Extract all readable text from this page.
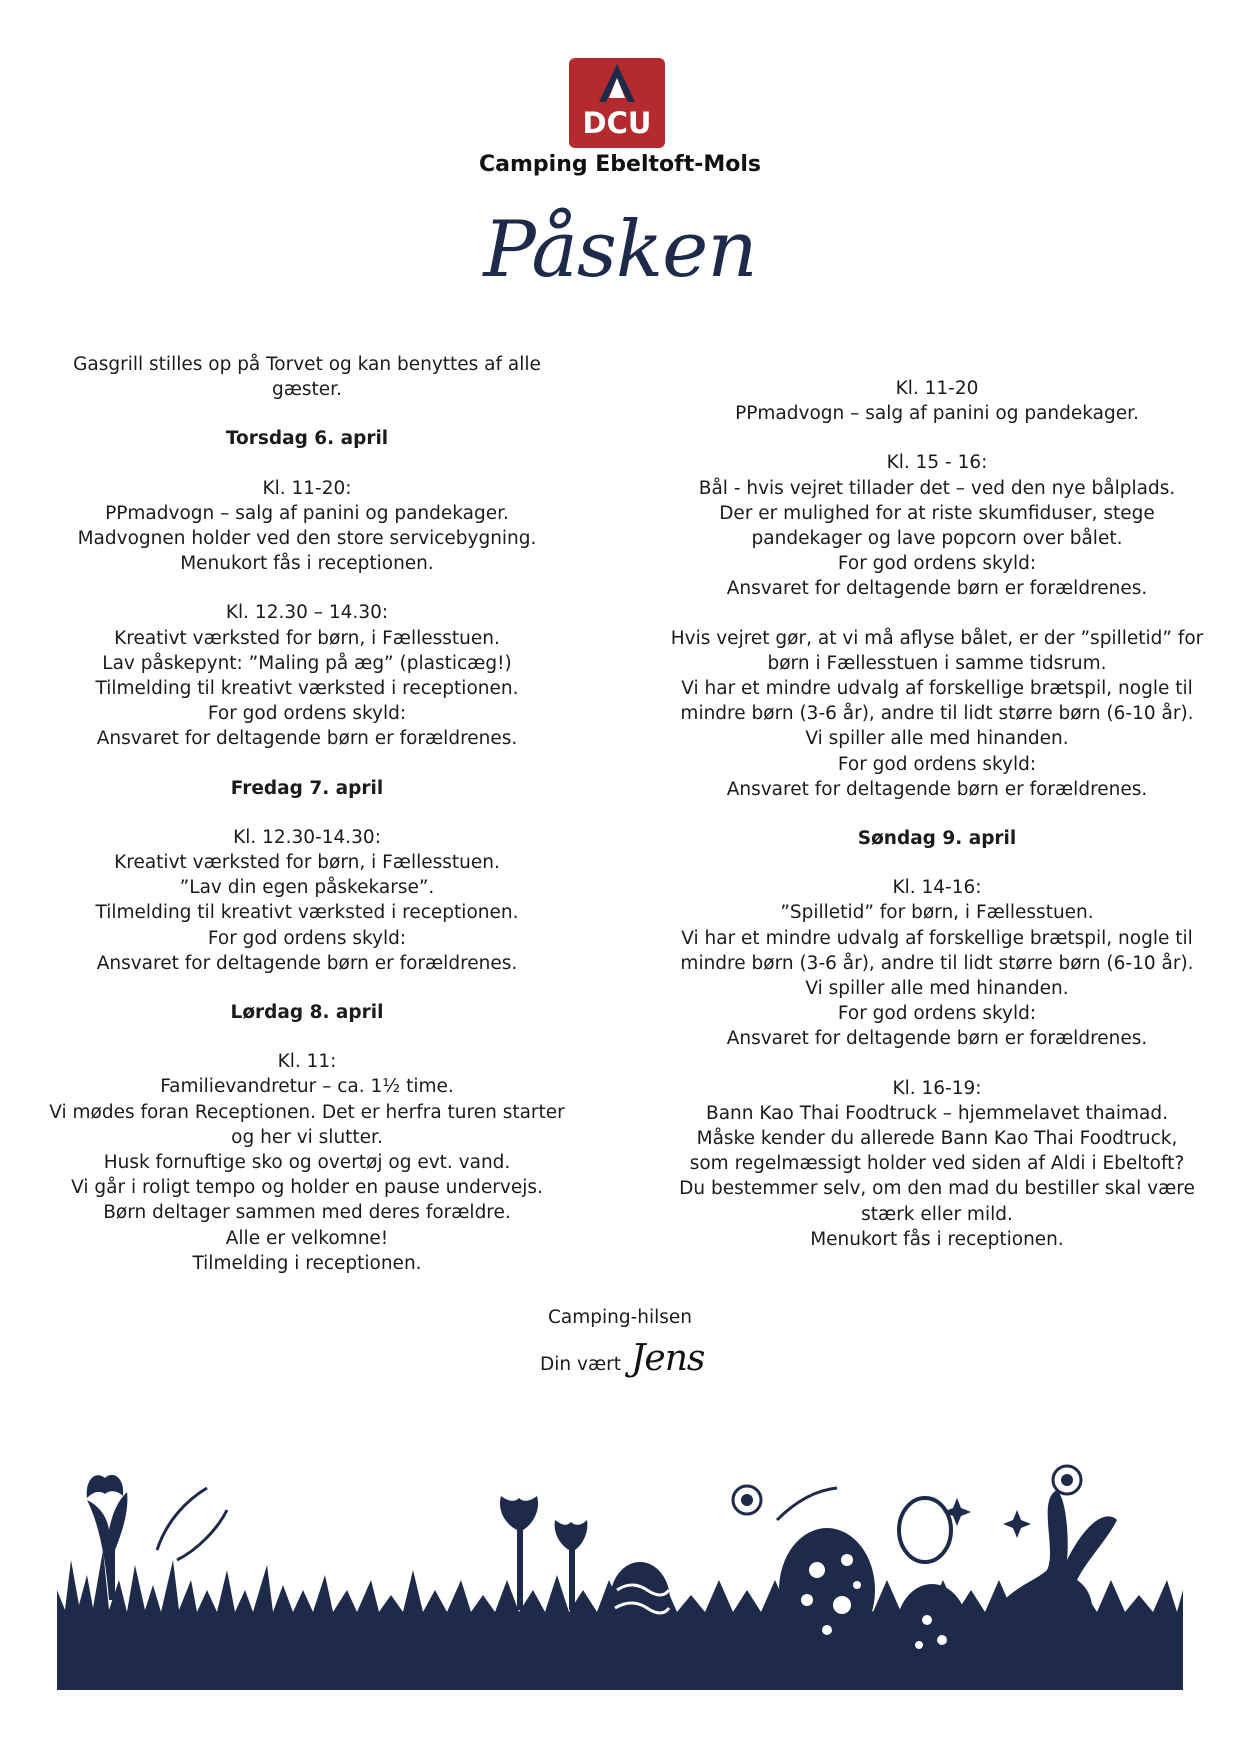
DCU
Camping Ebeltoft-Mols
Påsken

Gasgrill stilles op på Torvet og kan benyttes af alle

gæster.

Torsdag 6. april

Kl. 11-20:

PPmadvogn – salg af panini og pandekager.

Madvognen holder ved den store servicebygning.

Menukort fås i receptionen.

Kl. 12.30 – 14.30:

Kreativt værksted for børn, i Fællesstuen.

Lav påskepynt: ”Maling på æg” (plasticæg!)

Tilmelding til kreativt værksted i receptionen.

For god ordens skyld:

Ansvaret for deltagende børn er forældrenes.

Fredag 7. april

Kl. 12.30-14.30:

Kreativt værksted for børn, i Fællesstuen.

”Lav din egen påskekarse”.

Tilmelding til kreativt værksted i receptionen.

For god ordens skyld:

Ansvaret for deltagende børn er forældrenes.

Lørdag 8. april

Kl. 11:

Familievandretur – ca. 1½ time.

Vi mødes foran Receptionen. Det er herfra turen starter

og her vi slutter.

Husk fornuftige sko og overtøj og evt. vand.

Vi går i roligt tempo og holder en pause undervejs.

Børn deltager sammen med deres forældre.

Alle er velkomne!

Tilmelding i receptionen.

Kl. 11-20

PPmadvogn – salg af panini og pandekager.

Kl. 15 - 16:

Bål - hvis vejret tillader det – ved den nye bålplads.

Der er mulighed for at riste skumfiduser, stege

pandekager og lave popcorn over bålet.

For god ordens skyld:

Ansvaret for deltagende børn er forældrenes.

Hvis vejret gør, at vi må aflyse bålet, er der ”spilletid” for

børn i Fællesstuen i samme tidsrum.

Vi har et mindre udvalg af forskellige brætspil, nogle til

mindre børn (3-6 år), andre til lidt større børn (6-10 år).

Vi spiller alle med hinanden.

For god ordens skyld:

Ansvaret for deltagende børn er forældrenes.

Søndag 9. april

Kl. 14-16:

”Spilletid” for børn, i Fællesstuen.

Vi har et mindre udvalg af forskellige brætspil, nogle til

mindre børn (3-6 år), andre til lidt større børn (6-10 år).

Vi spiller alle med hinanden.

For god ordens skyld:

Ansvaret for deltagende børn er forældrenes.

Kl. 16-19:

Bann Kao Thai Foodtruck – hjemmelavet thaimad.

Måske kender du allerede Bann Kao Thai Foodtruck,

som regelmæssigt holder ved siden af Aldi i Ebeltoft?

Du bestemmer selv, om den mad du bestiller skal være

stærk eller mild.

Menukort fås i receptionen.

Camping-hilsen
Din vært Jens
